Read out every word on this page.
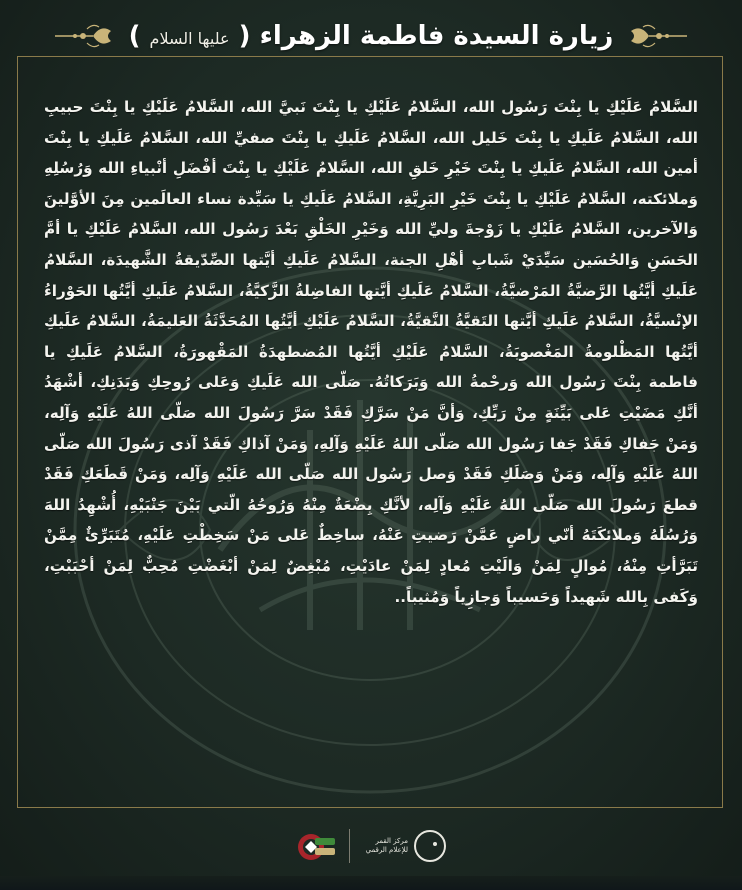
زيارة السيدة فاطمة الزهراء ( عليها السلام )
السَّلامُ عَلَيْكِ يا بِنْتَ رَسُول الله، السَّلامُ عَلَيْكِ يا بِنْتَ نَبيَّ الله، السَّلامُ عَلَيْكِ يا بِنْتَ حبيبِ الله، السَّلامُ عَلَيكِ يا بِنْتَ خَليل الله، السَّلامُ عَلَيكِ يا بِنْتَ صفيِّ الله، السَّلامُ عَلَيكِ يا بِنْتَ أمين الله، السَّلامُ عَلَيكِ يا بِنْتَ خَيْرِ خَلقِ الله، السَّلامُ عَلَيْكِ يا بِنْتَ أفْضَلِ أنْبياءِ الله وَرُسُلِهِ وَملائكته، السَّلامُ عَلَيْكِ يا بِنْتَ خَيْرِ البَرِيَّةِ، السَّلامُ عَلَيكِ يا سَيِّدة نساء العالَمين مِنَ الأوَّلينَ وَالآخرين، السَّلامُ عَلَيْكِ يا زَوْجةَ وليِّ الله وَخَيْرِ الخَلْقِ بَعْدَ رَسُول الله، السَّلامُ عَلَيْكِ يا أمَّ الحَسَنِ وَالحُسَين سَيِّدَيْ شَبابِ أهْلِ الجنة، السَّلامُ عَلَيكِ أيَّتها الصِّدّيقةُ الشَّهيدَة، السَّلامُ عَلَيكِ أيَّتُها الرَّضيَّةُ المَرْضيَّةُ، السَّلامُ عَلَيكِ أيَّتها الفاضِلةُ الزَّكيَّةُ، السَّلامُ عَلَيكِ أيَّتُها الحَوْراءُ الإنْسيَّةُ، السَّلامُ عَلَيكِ أيَّتها التَقيَّةُ النَّقيَّةُ، السَّلامُ عَلَيْكِ أيَّتُها المُحَدَّثَةُ العَليمَةُ، السَّلامُ عَلَيكِ أيَّتُها المَظْلومةُ المَغْصوبَةُ، السَّلامُ عَلَيْكِ أيَّتُها المُضطهدَةُ المَقْهورَةُ، السَّلامُ عَلَيكِ يا فاطمة بِنْتَ رَسُول الله وَرحْمةُ الله وَبَرَكاتُهُ. صَلّى الله عَلَيكِ وَعَلى رُوحِكِ وَبَدَنِكِ، أشْهَدُ أنَّكِ مَضَيْتِ عَلى بَيِّنَةٍ مِنْ رَبِّكِ، وَأنَّ مَنْ سَرَّكِ فَقَدْ سَرَّ رَسُولَ الله صَلّى اللهُ عَلَيْهِ وَآلِه، وَمَنْ جَفاكِ فَقَدْ جَفا رَسُول الله صَلّى اللهُ عَلَيْهِ وَآلِهِ، وَمَنْ آذاكِ فَقَدْ آذى رَسُولَ الله صَلّى اللهُ عَلَيْهِ وَآلِه، وَمَنْ وَصَلَكِ فَقَدْ وَصل رَسُول الله صَلّى الله عَلَيْهِ وَآلِه، وَمَنْ قَطَعَكِ فَقَدْ قطعَ رَسُولَ الله صَلّى اللهُ عَلَيْهِ وَآلِه، لأنَّكِ بِضْعَةٌ مِنْهُ وَرُوحُهُ الّتي بَيْنَ جَنْبَيْهِ، أُشْهِدُ اللهَ وَرُسُلَهُ وَملائكَتَهُ أنّي راضٍ عَمَّنْ رَضيتِ عَنْهُ، ساخِطٌ عَلى مَنْ سَخِطْتِ عَلَيْهِ، مُتَبَرِّئٌ مِمَّنْ تَبَرَّأتِ مِنْهُ، مُوالٍ لِمَنْ وَالَيْتِ مُعادٍ لِمَنْ عادَيْتِ، مُبْغِضٌ لِمَنْ أبْغَضْتِ مُحِبٌّ لِمَنْ أحْبَبْتِ، وَكَفى بِالله شَهيداً وَحَسيباً وَجازِياً وَمُثيباً..
مركز القمر للإعلام الرقمي
